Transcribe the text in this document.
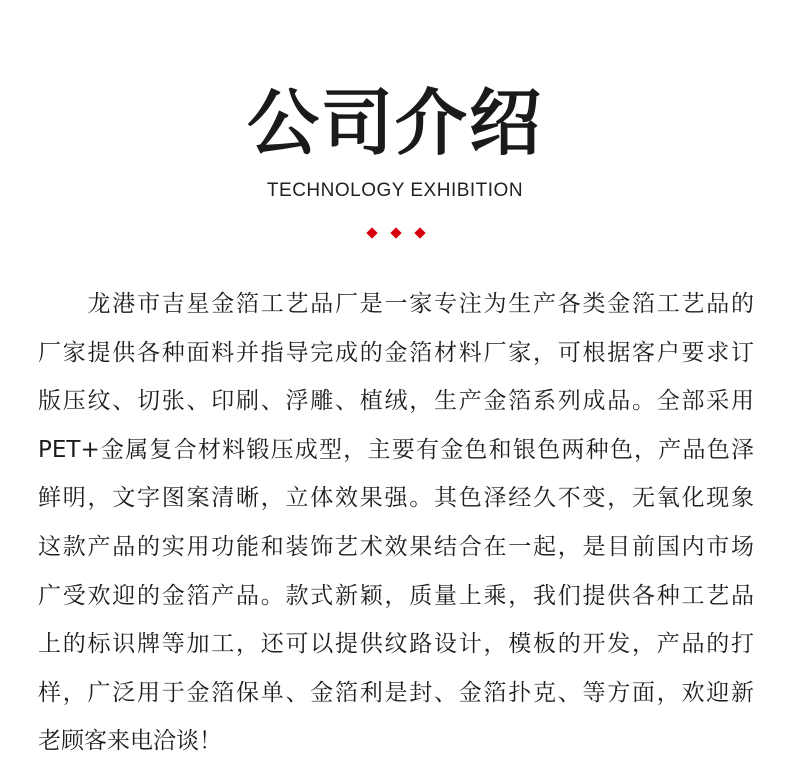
公司介绍
TECHNOLOGY EXHIBITION
　　龙港市吉星金箔工艺品厂是一家专注为生产各类金箔工艺品的
厂家提供各种面料并指导完成的金箔材料厂家，可根据客户要求订
版压纹、切张、印刷、浮雕、植绒，生产金箔系列成品。全部采用
PET+金属复合材料锻压成型，主要有金色和银色两种色，产品色泽
鲜明，文字图案清晰，立体效果强。其色泽经久不变，无氧化现象
这款产品的实用功能和装饰艺术效果结合在一起，是目前国内市场
广受欢迎的金箔产品。款式新颖，质量上乘，我们提供各种工艺品
上的标识牌等加工，还可以提供纹路设计，模板的开发，产品的打
样，广泛用于金箔保单、金箔利是封、金箔扑克、等方面，欢迎新
老顾客来电洽谈！
